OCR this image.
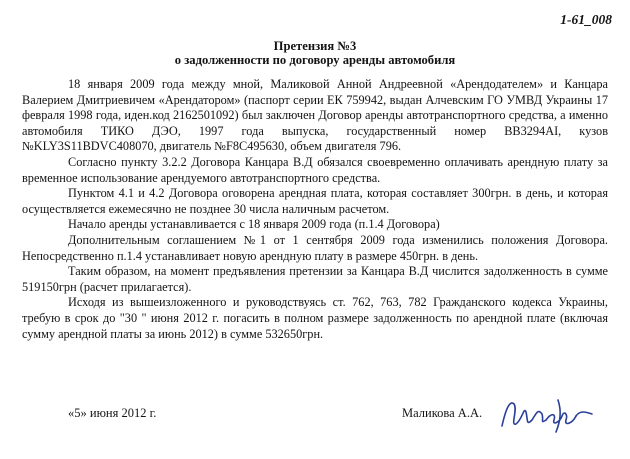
1-61_008
Претензия №3
о задолженности по договору аренды автомобиля

18 января 2009 года между мной, Маликовой Анной Андреевной «Арендодателем» и Канцара Валерием Дмитриевичем «Арендатором» (паспорт серии ЕК 759942, выдан Алчевским ГО УМВД Украины 17 февраля 1998 года, иден.код 2162501092) был заключен Договор аренды автотранспортного средства, а именно автомобиля ТИКО ДЭО, 1997 года выпуска, государственный номер ВВ3294АI, кузов №KLY3S11BDVC408070, двигатель №F8C495630, объем двигателя 796.

Согласно пункту 3.2.2 Договора Канцара В.Д обязался своевременно оплачивать арендную плату за временное использование арендуемого автотранспортного средства.

Пунктом 4.1 и 4.2 Договора оговорена арендная плата, которая составляет 300грн. в день, и которая осуществляется ежемесячно не позднее 30 числа наличным расчетом.

Начало аренды устанавливается с 18 января 2009 года (п.1.4 Договора)

Дополнительным соглашением №1 от 1 сентября 2009 года изменились положения Договора. Непосредственно п.1.4 устанавливает новую арендную плату в размере 450грн. в день.

Таким образом, на момент предъявления претензии за Канцара В.Д числится задолженность в сумме 519150грн (расчет прилагается).

Исходя из вышеизложенного и руководствуясь ст. 762, 763, 782 Гражданского кодекса Украины, требую в срок до "30 " июня 2012 г. погасить в полном размере задолженность по арендной плате (включая сумму арендной платы за июнь 2012) в сумме 532650грн.

«5» июня 2012 г.	Маликова А.А.
